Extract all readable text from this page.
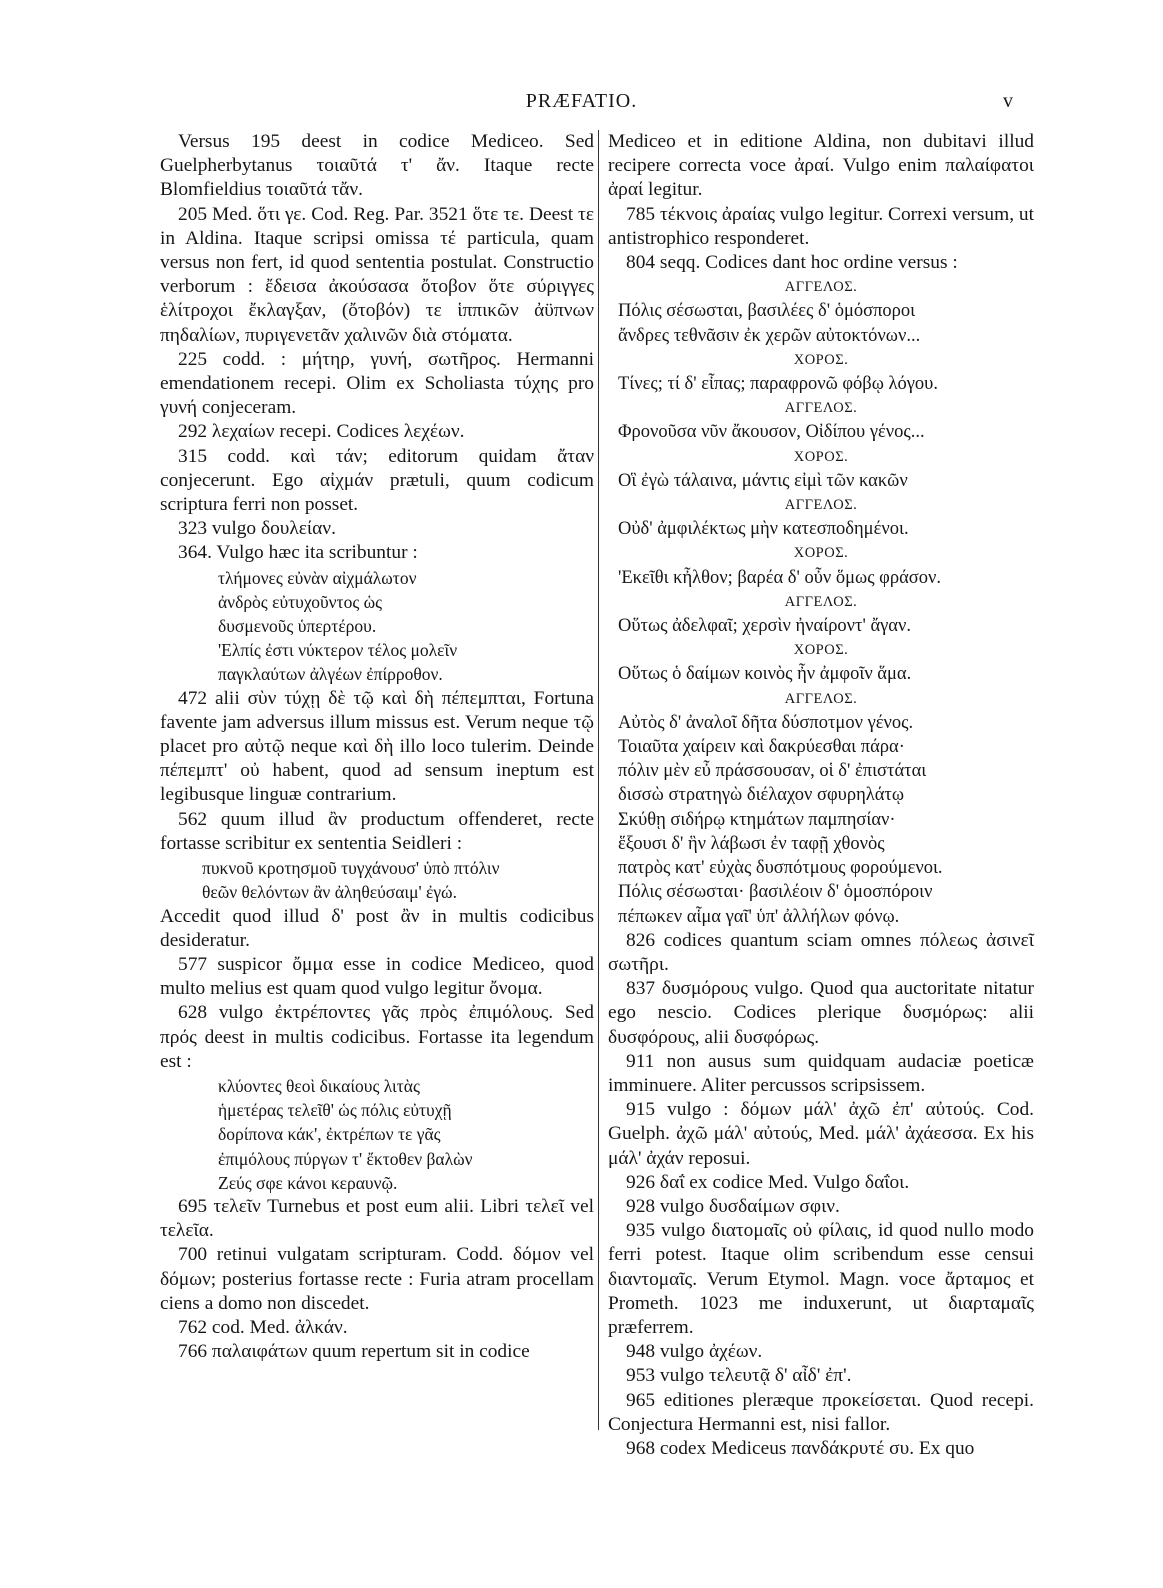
PRÆFATIO.	v

Versus 195 deest in codice Mediceo. Sed Guelpherbytanus τοιαῦτά τ' ἄν. Itaque recte Blomfieldius τοιαῦτά τἄν.

205 Med. ὅτι γε. Cod. Reg. Par. 3521 ὅτε τε. Deest τε in Aldina. Itaque scripsi omissa τέ particula, quam versus non fert, id quod sententia postulat. Constructio verborum : ἔδεισα ἀκούσασα ὄτοβον ὅτε σύριγγες ἑλίτροχοι ἔκλαγξαν, (ὄτοβόν) τε ἱππικῶν ἀϋπνων πηδαλίων, πυριγενετᾶν χαλινῶν διὰ στόματα.

225 codd. : μήτηρ, γυνή, σωτῆρος. Hermanni emendationem recepi. Olim ex Scholiasta τύχης pro γυνή conjeceram.

292 λεχαίων recepi. Codices λεχέων.

315 codd. καὶ τάν; editorum quidam ἄταν conjecerunt. Ego αἰχμάν prætuli, quum codicum scriptura ferri non posset.

323 vulgo δουλείαν.

364. Vulgo hæc ita scribuntur :

τλήμονες εὐνὰν αἰχμάλωτον

ἀνδρὸς εὐτυχοῦντος ὡς

δυσμενοῦς ὑπερτέρου.

'Ελπίς ἐστι νύκτερον τέλος μολεῖν

παγκλαύτων ἀλγέων ἐπίρροθον.

472 alii σὺν τύχῃ δὲ τῷ καὶ δὴ πέπεμπται, Fortuna favente jam adversus illum missus est. Verum neque τῷ placet pro αὐτῷ neque καὶ δὴ illo loco tulerim. Deinde πέπεμπτ' οὐ habent, quod ad sensum ineptum est legibusque linguæ contrarium.

562 quum illud ἂν productum offenderet, recte fortasse scribitur ex sententia Seidleri :

πυκνοῦ κροτησμοῦ τυγχάνουσ' ὑπὸ πτόλιν

θεῶν θελόντων ἂν ἀληθεύσαιμ' ἐγώ.

Accedit quod illud δ' post ἂν in multis codicibus desideratur.

577 suspicor ὄμμα esse in codice Mediceo, quod multo melius est quam quod vulgo legitur ὄνομα.

628 vulgo ἐκτρέποντες γᾶς πρὸς ἐπιμόλους. Sed πρός deest in multis codicibus. Fortasse ita legendum est :

κλύοντες θεοὶ δικαίους λιτὰς

ἡμετέρας τελεῖθ' ὡς πόλις εὐτυχῇ

δορίπονα κάκ', ἐκτρέπων τε γᾶς

ἐπιμόλους πύργων τ' ἔκτοθεν βαλὼν

Ζεύς σφε κάνοι κεραυνῷ.

695 τελεῖν Turnebus et post eum alii. Libri τελεῖ vel τελεῖα.

700 retinui vulgatam scripturam. Codd. δόμον vel δόμων; posterius fortasse recte : Furia atram procellam ciens a domo non discedet.

762 cod. Med. ἀλκάν.

766 παλαιφάτων quum repertum sit in codice

Mediceo et in editione Aldina, non dubitavi illud recipere correcta voce ἀραί. Vulgo enim παλαίφατοι ἀραί legitur.

785 τέκνοις ἀραίας vulgo legitur. Correxi versum, ut antistrophico responderet.

804 seqq. Codices dant hoc ordine versus :

ΑΓΓΕΛΟΣ.

Πόλις σέσωσται, βασιλέες δ' ὁμόσποροι

ἄνδρες τεθνᾶσιν ἐκ χερῶν αὐτοκτόνων...

ΧΟΡΟΣ.

Τίνες; τί δ' εἶπας; παραφρονῶ φόβῳ λόγου.

ΑΓΓΕΛΟΣ.

Φρονοῦσα νῦν ἄκουσον, Οἰδίπου γένος...

ΧΟΡΟΣ.

Οἳ ἐγὼ τάλαινα, μάντις εἰμὶ τῶν κακῶν

ΑΓΓΕΛΟΣ.

Οὐδ' ἀμφιλέκτως μὴν κατεσποδημένοι.

ΧΟΡΟΣ.

'Εκεῖθι κἦλθον; βαρέα δ' οὖν ὅμως φράσον.

ΑΓΓΕΛΟΣ.

Οὕτως ἀδελφαῖ; χερσὶν ἠναίροντ' ἄγαν.

ΧΟΡΟΣ.

Οὕτως ὁ δαίμων κοινὸς ἦν ἀμφοῖν ἅμα.

ΑΓΓΕΛΟΣ.

Αὐτὸς δ' ἀναλοῖ δῆτα δύσποτμον γένος.

Τοιαῦτα χαίρειν καὶ δακρύεσθαι πάρα·

πόλιν μὲν εὖ πράσσουσαν, οἱ δ' ἐπιστάται

δισσὼ στρατηγὼ διέλαχον σφυρηλάτῳ

Σκύθῃ σιδήρῳ κτημάτων παμπησίαν·

ἕξουσι δ' ἣν λάβωσι ἐν ταφῇ χθονὸς

πατρὸς κατ' εὐχὰς δυσπότμους φορούμενοι.

Πόλις σέσωσται· βασιλέοιν δ' ὁμοσπόροιν

πέπωκεν αἷμα γαῖ' ὑπ' ἀλλήλων φόνῳ.

826 codices quantum sciam omnes πόλεως ἀσινεῖ σωτῆρι.

837 δυσμόρους vulgo. Quod qua auctoritate nitatur ego nescio. Codices plerique δυσμόρως: alii δυσφόρους, alii δυσφόρως.

911 non ausus sum quidquam audaciæ poeticæ imminuere. Aliter percussos scripsissem.

915 vulgo : δόμων μάλ' ἀχῶ ἐπ' αὐτούς. Cod. Guelph. ἀχῶ μάλ' αὐτούς, Med. μάλ' ἀχάεσσα. Ex his μάλ' ἀχάν reposui.

926 δαΐ ex codice Med. Vulgo δαΐοι.

928 vulgo δυσδαίμων σφιν.

935 vulgo διατομαῖς οὐ φίλαις, id quod nullo modo ferri potest. Itaque olim scribendum esse censui διαντομαῖς. Verum Etymol. Magn. voce ἄρταμος et Prometh. 1023 me induxerunt, ut διαρταμαῖς præferrem.

948 vulgo ἀχέων.

953 vulgo τελευτᾷ δ' αἶδ' ἐπ'.

965 editiones pleræque προκείσεται. Quod recepi. Conjectura Hermanni est, nisi fallor.

968 codex Mediceus πανδάκρυτέ συ. Ex quo
